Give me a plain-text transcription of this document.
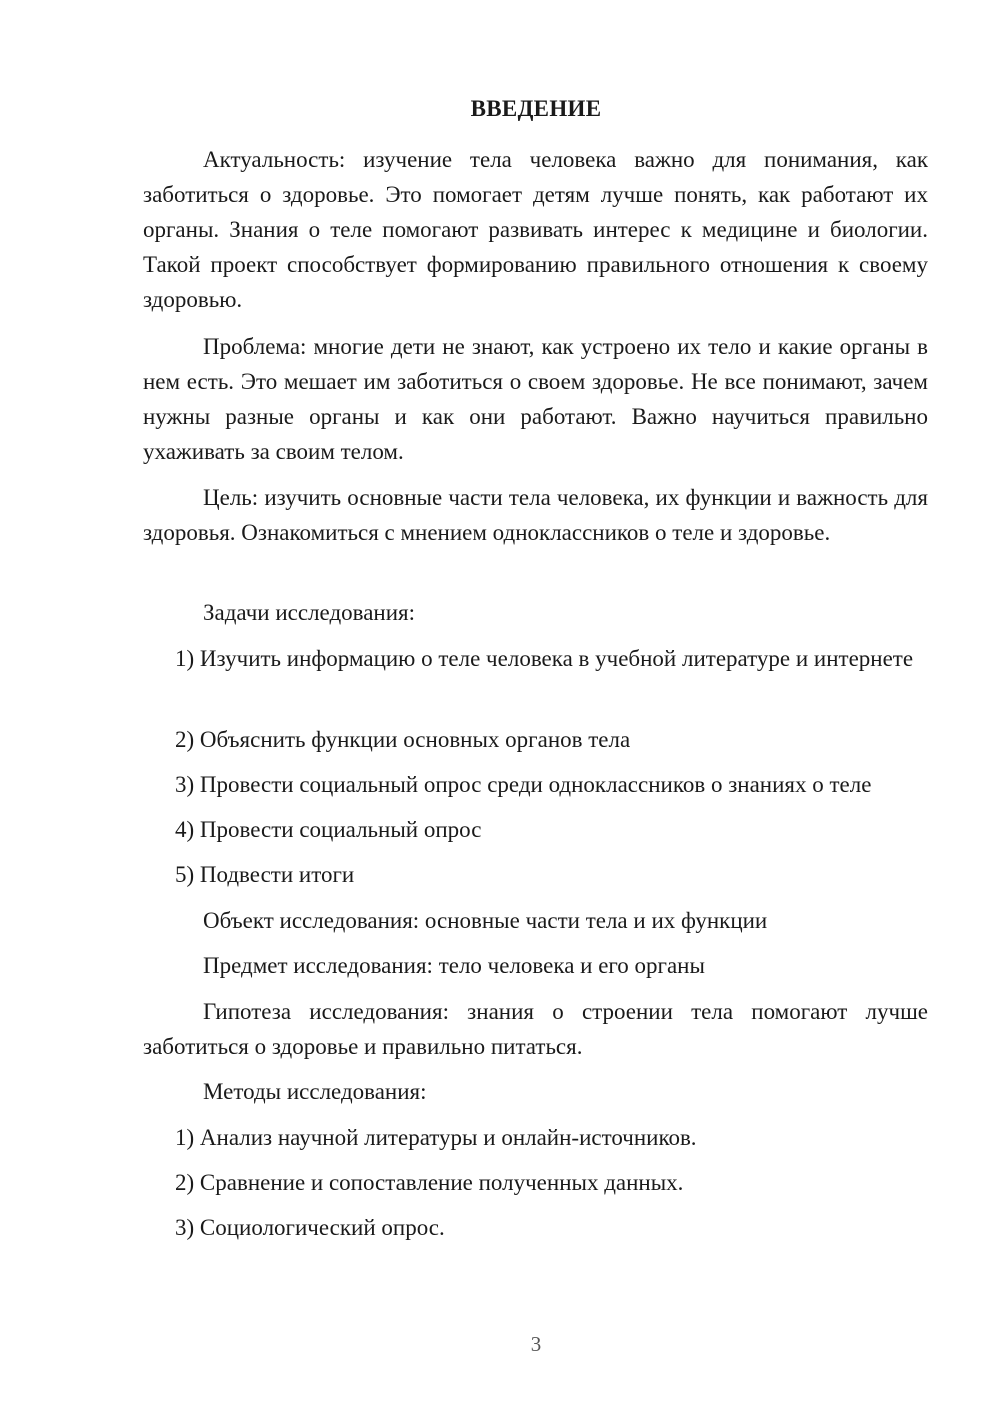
ВВЕДЕНИЕ

Актуальность: изучение тела человека важно для понимания, как заботиться о здоровье. Это помогает детям лучше понять, как работают их органы. Знания о теле помогают развивать интерес к медицине и биологии. Такой проект способствует формированию правильного отношения к своему здоровью.

Проблема: многие дети не знают, как устроено их тело и какие органы в нем есть. Это мешает им заботиться о своем здоровье. Не все понимают, зачем нужны разные органы и как они работают. Важно научиться правильно ухаживать за своим телом.

Цель: изучить основные части тела человека, их функции и важность для здоровья. Ознакомиться с мнением одноклассников о теле и здоровье.

Задачи исследования:

1) Изучить информацию о теле человека в учебной литературе и интернете

2) Объяснить функции основных органов тела

3) Провести социальный опрос среди одноклассников о знаниях о теле

4) Провести социальный опрос

5) Подвести итоги

Объект исследования: основные части тела и их функции

Предмет исследования: тело человека и его органы

Гипотеза исследования: знания о строении тела помогают лучше заботиться о здоровье и правильно питаться.

Методы исследования:

1) Анализ научной литературы и онлайн-источников.

2) Сравнение и сопоставление полученных данных.

3) Социологический опрос.

3
